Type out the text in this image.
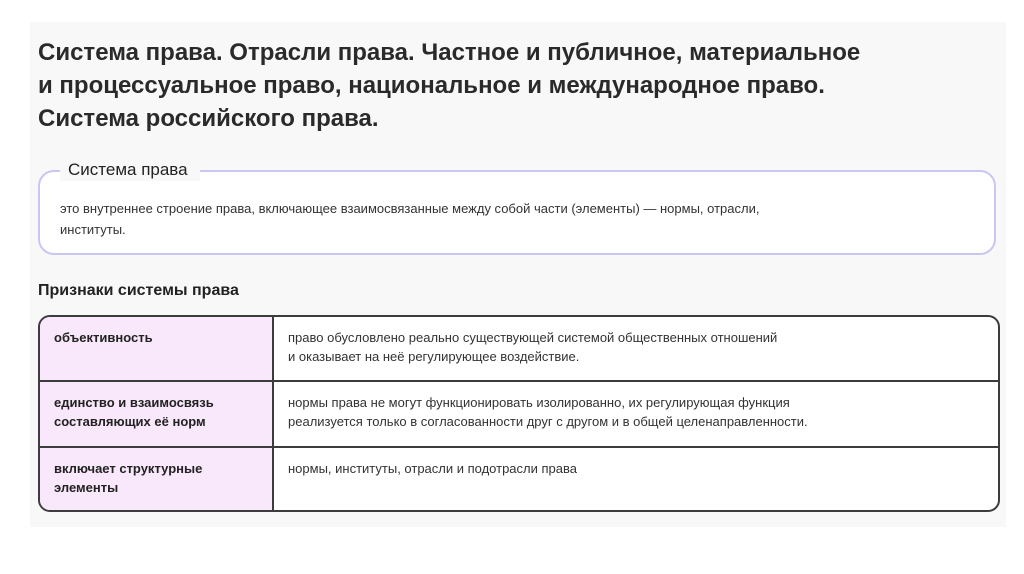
Система права. Отрасли права. Частное и публичное, материальное
и процессуальное право, национальное и международное право.
Система российского права.
Система права
это внутреннее строение права, включающее взаимосвязанные между собой части (элементы) — нормы, отрасли,
институты.
Признаки системы права
объективность	право обусловлено реально существующей системой общественных отношений
и оказывает на неё регулирующее воздействие.
единство и взаимосвязь
составляющих её норм
нормы права не могут функционировать изолированно, их регулирующая функция
реализуется только в согласованности друг с другом и в общей целенаправленности.
включает структурные
элементы
нормы, институты, отрасли и подотрасли права
